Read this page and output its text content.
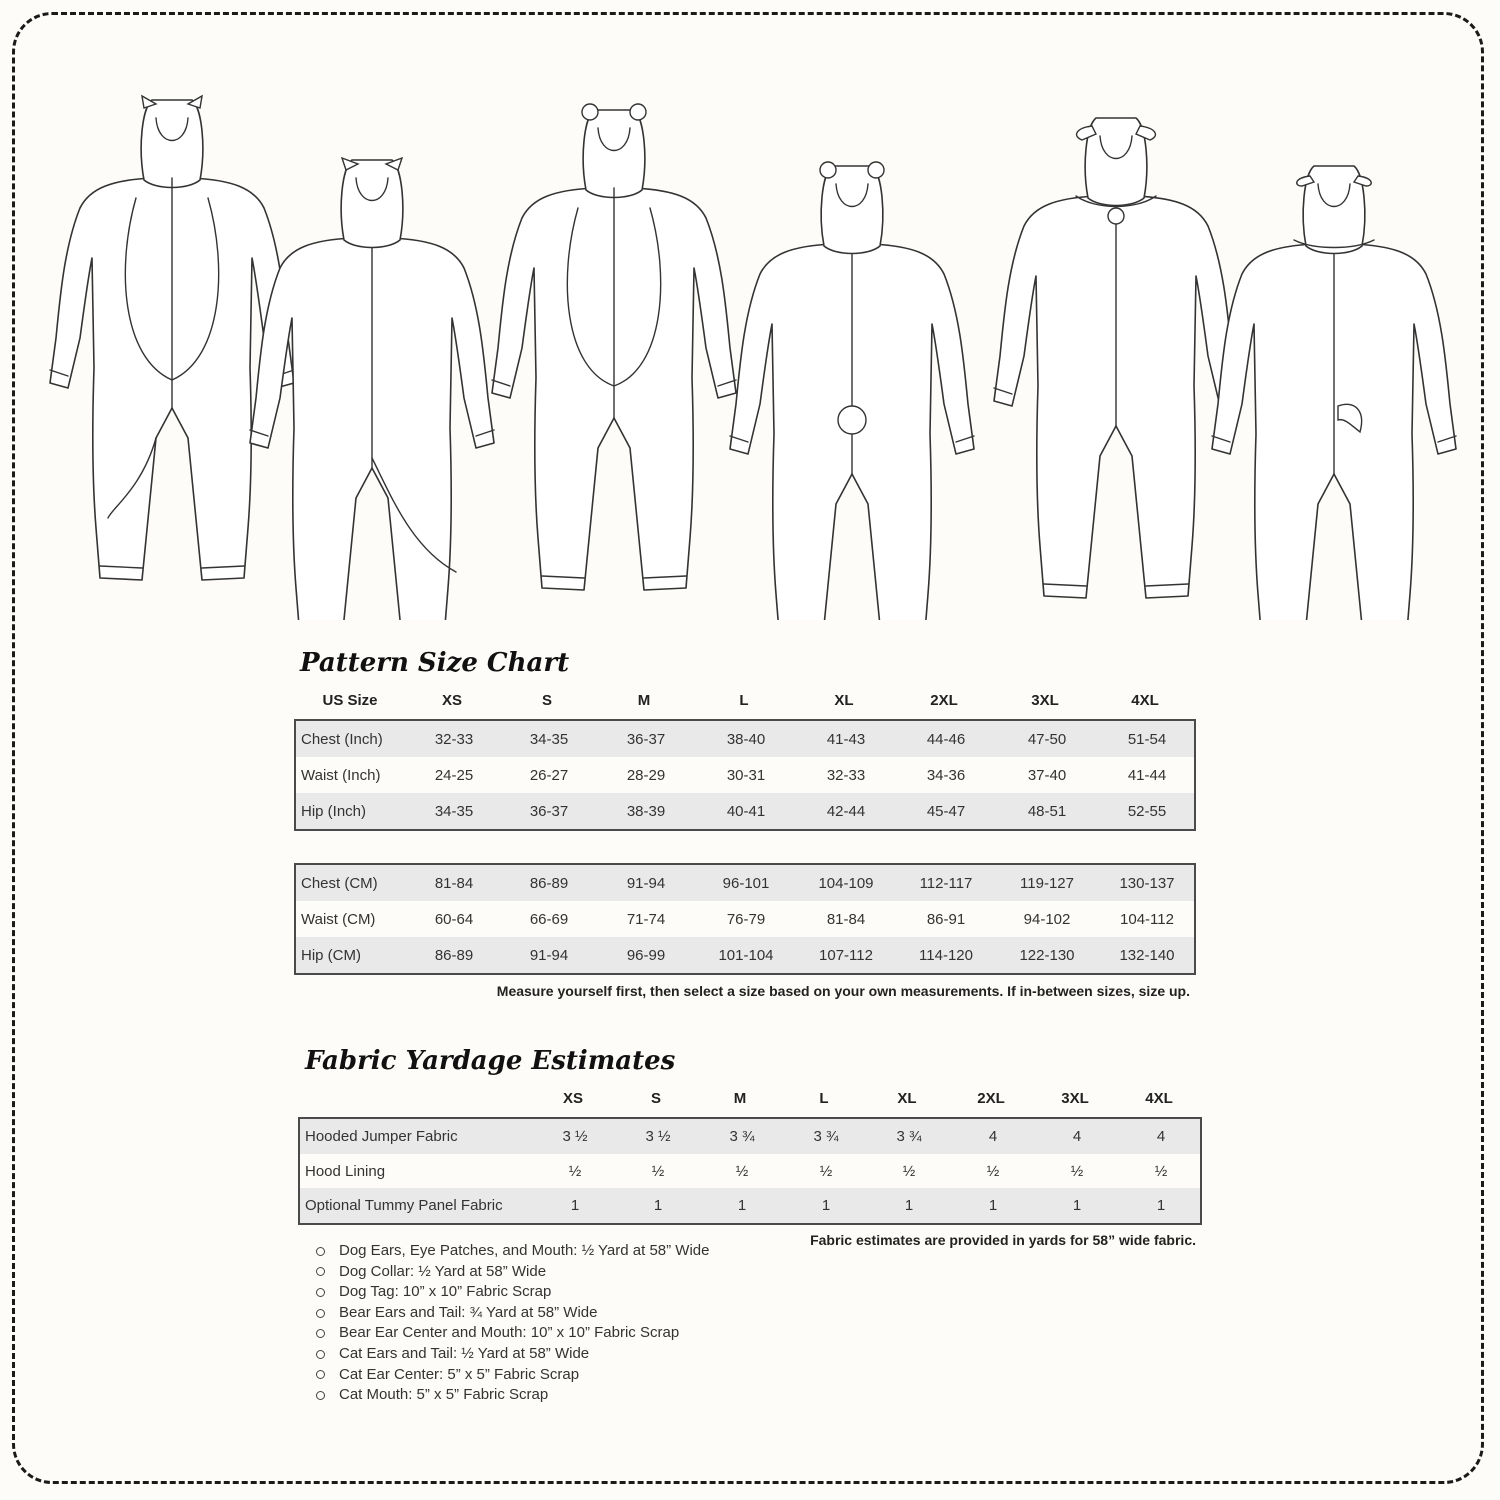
Pattern Size Chart
US Size	XS	S	M	L	XL	2XL	3XL	4XL
Chest (Inch)	32-33	34-35	36-37	38-40	41-43	44-46	47-50	51-54
Waist (Inch)	24-25	26-27	28-29	30-31	32-33	34-36	37-40	41-44
Hip (Inch)	34-35	36-37	38-39	40-41	42-44	45-47	48-51	52-55
Chest (CM)	81-84	86-89	91-94	96-101	104-109	112-117	119-127	130-137
Waist (CM)	60-64	66-69	71-74	76-79	81-84	86-91	94-102	104-112
Hip (CM)	86-89	91-94	96-99	101-104	107-112	114-120	122-130	132-140
Measure yourself first, then select a size based on your own measurements. If in-between sizes, size up.
Fabric Yardage Estimates
XS	S	M	L	XL	2XL	3XL	4XL
Hooded Jumper Fabric	3 ½	3 ½	3 ¾	3 ¾	3 ¾	4	4	4
Hood Lining	½	½	½	½	½	½	½	½
Optional Tummy Panel Fabric	1	1	1	1	1	1	1	1
Fabric estimates are provided in yards for 58” wide fabric.
Dog Ears, Eye Patches, and Mouth: ½ Yard at 58” Wide
Dog Collar: ½ Yard at 58” Wide
Dog Tag: 10” x 10” Fabric Scrap
Bear Ears and Tail: ¾ Yard at 58” Wide
Bear Ear Center and Mouth: 10” x 10” Fabric Scrap
Cat Ears and Tail: ½ Yard at 58” Wide
Cat Ear Center: 5” x 5” Fabric Scrap
Cat Mouth: 5” x 5” Fabric Scrap
